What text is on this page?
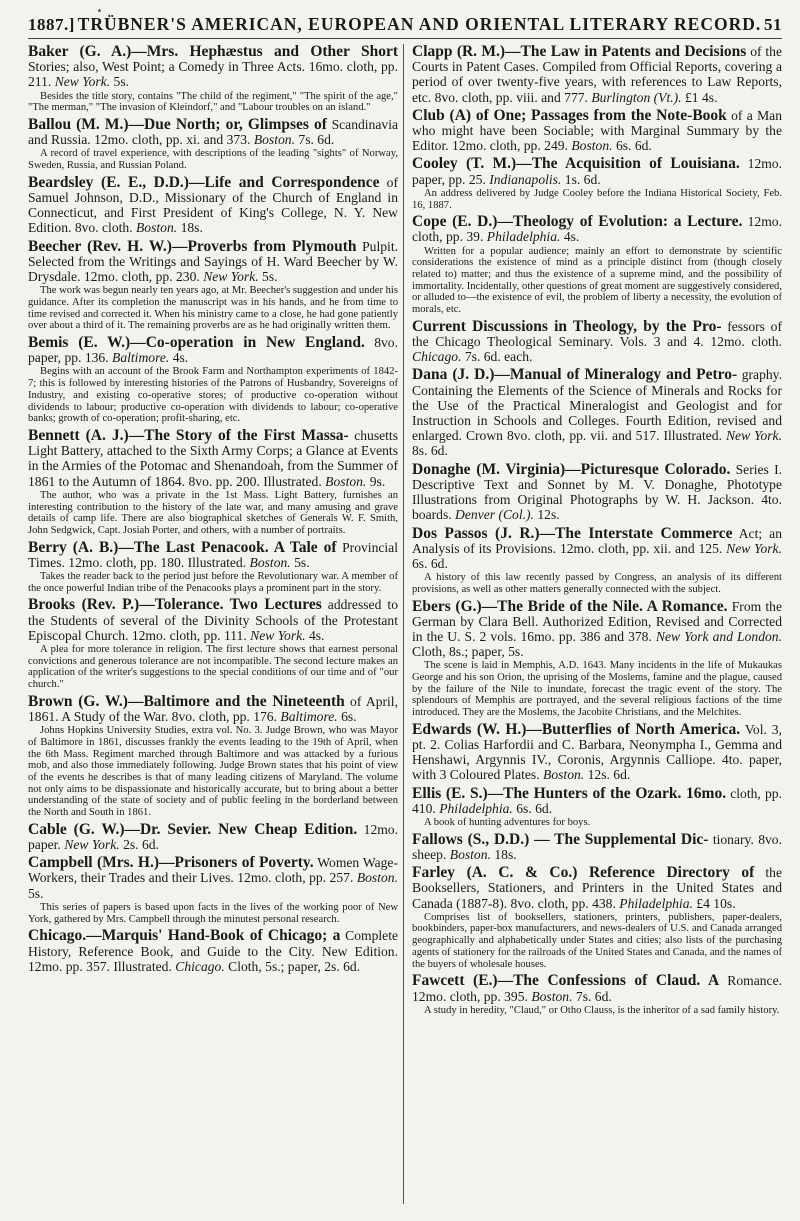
⋆
1887.] TRÜBNER'S AMERICAN, EUROPEAN AND ORIENTAL LITERARY RECORD. 51

Baker (G. A.)—Mrs. Hephæstus and Other Short Stories; also, West Point; a Comedy in Three Acts. 16mo. cloth, pp. 211. New York. 5s.

Besides the title story, contains "The child of the regiment," "The spirit of the age," "The merman," "The invasion of Kleindorf," and "Labour troubles on an island."

Ballou (M. M.)—Due North; or, Glimpses of Scandinavia and Russia. 12mo. cloth, pp. xi. and 373. Boston. 7s. 6d.

A record of travel experience, with descriptions of the leading "sights" of Norway, Sweden, Russia, and Russian Poland.

Beardsley (E. E., D.D.)—Life and Correspondence of Samuel Johnson, D.D., Missionary of the Church of England in Connecticut, and First President of King's College, N. Y. New Edition. 8vo. cloth. Boston. 18s.

Beecher (Rev. H. W.)—Proverbs from Plymouth Pulpit. Selected from the Writings and Sayings of H. Ward Beecher by W. Drysdale. 12mo. cloth, pp. 230. New York. 5s.

The work was begun nearly ten years ago, at Mr. Beecher's suggestion and under his guidance. After its completion the manuscript was in his hands, and he from time to time revised and corrected it. When his ministry came to a close, he had gone patiently over about a third of it. The remaining proverbs are as he had originally written them.

Bemis (E. W.)—Co-operation in New England. 8vo. paper, pp. 136. Baltimore. 4s.

Begins with an account of the Brook Farm and Northampton experiments of 1842-7; this is followed by interesting histories of the Patrons of Husbandry, Sovereigns of Industry, and existing co-operative stores; of productive co-operation without dividends to labour; productive co-operation with dividends to labour; co-operative banks; growth of co-operation; profit-sharing, etc.

Bennett (A. J.)—The Story of the First Massa- chusetts Light Battery, attached to the Sixth Army Corps; a Glance at Events in the Armies of the Potomac and Shenandoah, from the Summer of 1861 to the Autumn of 1864. 8vo. pp. 200. Illustrated. Boston. 9s.

The author, who was a private in the 1st Mass. Light Battery, furnishes an interesting contribution to the history of the late war, and many amusing and grave details of camp life. There are also biographical sketches of Generals W. F. Smith, John Sedgwick, Capt. Josiah Porter, and others, with a number of portraits.

Berry (A. B.)—The Last Penacook. A Tale of Provincial Times. 12mo. cloth, pp. 180. Illustrated. Boston. 5s.

Takes the reader back to the period just before the Revolutionary war. A member of the once powerful Indian tribe of the Penacooks plays a prominent part in the story.

Brooks (Rev. P.)—Tolerance. Two Lectures addressed to the Students of several of the Divinity Schools of the Protestant Episcopal Church. 12mo. cloth, pp. 111. New York. 4s.

A plea for more tolerance in religion. The first lecture shows that earnest personal convictions and generous tolerance are not incompatible. The second lecture makes an application of the writer's suggestions to the special conditions of our time and of "our church."

Brown (G. W.)—Baltimore and the Nineteenth of April, 1861. A Study of the War. 8vo. cloth, pp. 176. Baltimore. 6s.

Johns Hopkins University Studies, extra vol. No. 3. Judge Brown, who was Mayor of Baltimore in 1861, discusses frankly the events leading to the 19th of April, when the 6th Mass. Regiment marched through Baltimore and was attacked by a furious mob, and also those immediately following. Judge Brown states that his point of view of the events he describes is that of many leading citizens of Maryland. The volume not only aims to be dispassionate and historically accurate, but to bring about a better understanding of the state of society and of public feeling in the borderland between the North and South in 1861.

Cable (G. W.)—Dr. Sevier. New Cheap Edition. 12mo. paper. New York. 2s. 6d.

Campbell (Mrs. H.)—Prisoners of Poverty. Women Wage-Workers, their Trades and their Lives. 12mo. cloth, pp. 257. Boston. 5s.

This series of papers is based upon facts in the lives of the working poor of New York, gathered by Mrs. Campbell through the minutest personal research.

Chicago.—Marquis' Hand-Book of Chicago; a Complete History, Reference Book, and Guide to the City. New Edition. 12mo. pp. 357. Illustrated. Chicago. Cloth, 5s.; paper, 2s. 6d.

Clapp (R. M.)—The Law in Patents and Decisions of the Courts in Patent Cases. Compiled from Official Reports, covering a period of over twenty-five years, with references to Law Reports, etc. 8vo. cloth, pp. viii. and 777. Burlington (Vt.). £1 4s.

Club (A) of One; Passages from the Note-Book of a Man who might have been Sociable; with Marginal Summary by the Editor. 12mo. cloth, pp. 249. Boston. 6s. 6d.

Cooley (T. M.)—The Acquisition of Louisiana. 12mo. paper, pp. 25. Indianapolis. 1s. 6d.

An address delivered by Judge Cooley before the Indiana Historical Society, Feb. 16, 1887.

Cope (E. D.)—Theology of Evolution: a Lecture. 12mo. cloth, pp. 39. Philadelphia. 4s.

Written for a popular audience; mainly an effort to demonstrate by scientific considerations the existence of mind as a principle distinct from (though closely related to) matter; and thus the existence of a supreme mind, and the possibility of immortality. Incidentally, other questions of great moment are suggestively considered, or alluded to—the existence of evil, the problem of liberty a necessity, the evolution of morals, etc.

Current Discussions in Theology, by the Pro- fessors of the Chicago Theological Seminary. Vols. 3 and 4. 12mo. cloth. Chicago. 7s. 6d. each.

Dana (J. D.)—Manual of Mineralogy and Petro- graphy. Containing the Elements of the Science of Minerals and Rocks for the Use of the Practical Mineralogist and Geologist and for Instruction in Schools and Colleges. Fourth Edition, revised and enlarged. Crown 8vo. cloth, pp. vii. and 517. Illustrated. New York. 8s. 6d.

Donaghe (M. Virginia)—Picturesque Colorado. Series I. Descriptive Text and Sonnet by M. V. Donaghe, Phototype Illustrations from Original Photographs by W. H. Jackson. 4to. boards. Denver (Col.). 12s.

Dos Passos (J. R.)—The Interstate Commerce Act; an Analysis of its Provisions. 12mo. cloth, pp. xii. and 125. New York. 6s. 6d.

A history of this law recently passed by Congress, an analysis of its different provisions, as well as other matters generally connected with the subject.

Ebers (G.)—The Bride of the Nile. A Romance. From the German by Clara Bell. Authorized Edition, Revised and Corrected in the U. S. 2 vols. 16mo. pp. 386 and 378. New York and London. Cloth, 8s.; paper, 5s.

The scene is laid in Memphis, A.D. 1643. Many incidents in the life of Mukaukas George and his son Orion, the uprising of the Moslems, famine and the plague, caused by the failure of the Nile to inundate, forecast the tragic event of the story. The splendours of Memphis are portrayed, and the several religious factions of the time introduced. They are the Moslems, the Jacobite Christians, and the Melchites.

Edwards (W. H.)—Butterflies of North America. Vol. 3, pt. 2. Colias Harfordii and C. Barbara, Neonympha I., Gemma and Henshawi, Argynnis IV., Coronis, Argynnis Calliope. 4to. paper, with 3 Coloured Plates. Boston. 12s. 6d.

Ellis (E. S.)—The Hunters of the Ozark. 16mo. cloth, pp. 410. Philadelphia. 6s. 6d.

A book of hunting adventures for boys.

Fallows (S., D.D.) — The Supplemental Dic- tionary. 8vo. sheep. Boston. 18s.

Farley (A. C. & Co.) Reference Directory of the Booksellers, Stationers, and Printers in the United States and Canada (1887-8). 8vo. cloth, pp. 438. Philadelphia. £4 10s.

Comprises list of booksellers, stationers, printers, publishers, paper-dealers, bookbinders, paper-box manufacturers, and news-dealers of U.S. and Canada arranged geographically and alphabetically under States and cities; also lists of the purchasing agents of stationery for the railroads of the United States and Canada, and the names of the buyers of wholesale houses.

Fawcett (E.)—The Confessions of Claud. A Romance. 12mo. cloth, pp. 395. Boston. 7s. 6d.

A study in heredity, "Claud," or Otho Clauss, is the inheritor of a sad family history.
